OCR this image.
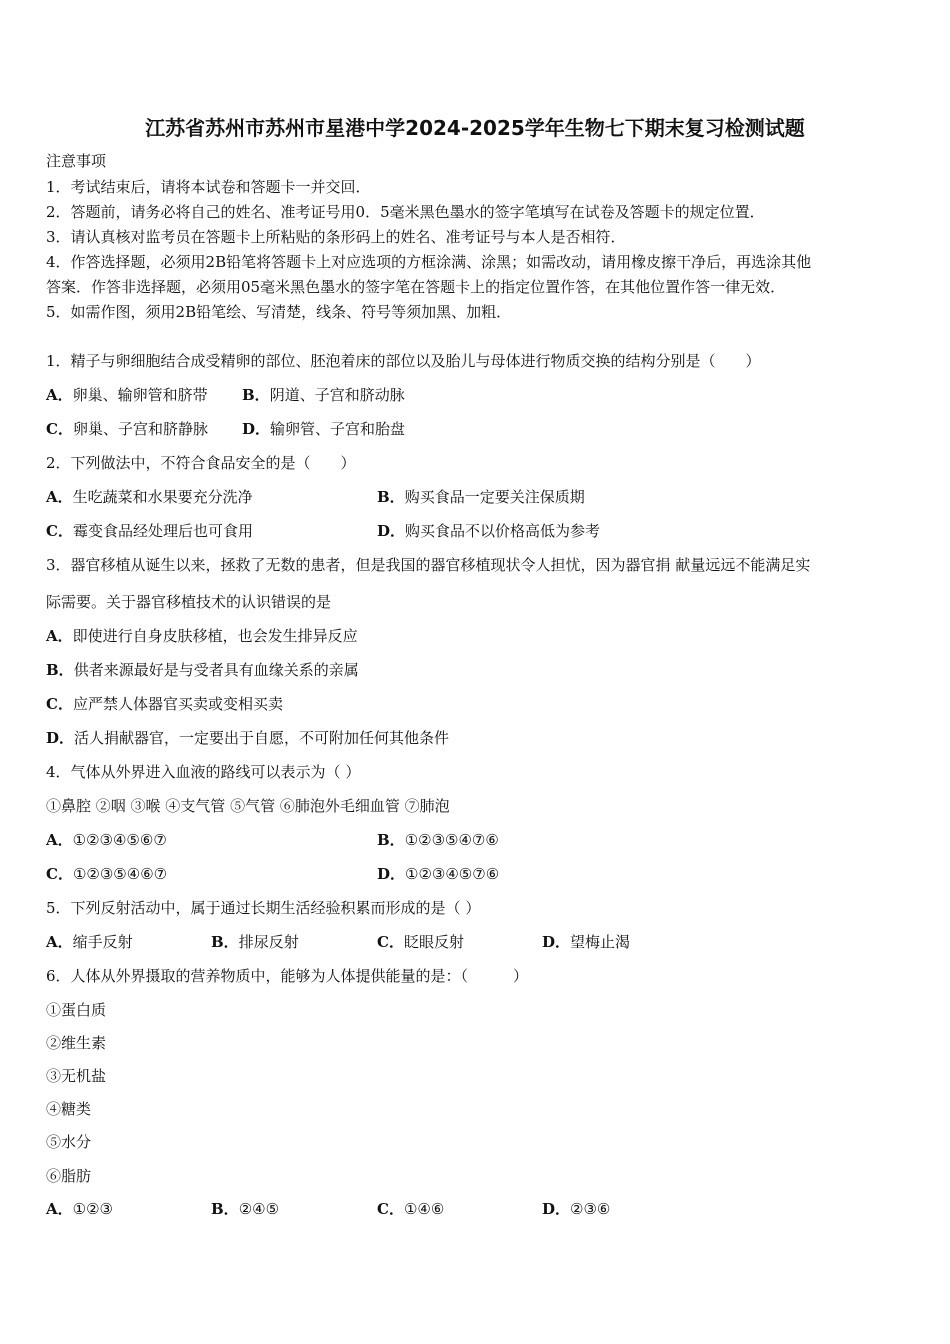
江苏省苏州市苏州市星港中学2024-2025学年生物七下期末复习检测试题
注意事项
1．考试结束后，请将本试卷和答题卡一并交回．
2．答题前，请务必将自己的姓名、准考证号用0．5毫米黑色墨水的签字笔填写在试卷及答题卡的规定位置．
3．请认真核对监考员在答题卡上所粘贴的条形码上的姓名、准考证号与本人是否相符．
4．作答选择题，必须用2B铅笔将答题卡上对应选项的方框涂满、涂黑；如需改动，请用橡皮擦干净后，再选涂其他
答案．作答非选择题，必须用05毫米黑色墨水的签字笔在答题卡上的指定位置作答，在其他位置作答一律无效．
5．如需作图，须用2B铅笔绘、写清楚，线条、符号等须加黑、加粗．
1．精子与卵细胞结合成受精卵的部位、胚泡着床的部位以及胎儿与母体进行物质交换的结构分别是（　　）
A．卵巢、输卵管和脐带 B．阴道、子宫和脐动脉
C．卵巢、子宫和脐静脉 D．输卵管、子宫和胎盘
2．下列做法中，不符合食品安全的是（　　）
A．生吃蔬菜和水果要充分洗净	B．购买食品一定要关注保质期
C．霉变食品经处理后也可食用	D．购买食品不以价格高低为参考
3．器官移植从诞生以来，拯救了无数的患者，但是我国的器官移植现状令人担忧，因为器官捐 献量远远不能满足实
际需要。关于器官移植技术的认识错误的是
A．即使进行自身皮肤移植，也会发生排异反应
B．供者来源最好是与受者具有血缘关系的亲属
C．应严禁人体器官买卖或变相买卖
D．活人捐献器官，一定要出于自愿，不可附加任何其他条件
4．气体从外界进入血液的路线可以表示为（ ）
①鼻腔 ②咽 ③喉 ④支气管 ⑤气管 ⑥肺泡外毛细血管 ⑦肺泡
A．①②③④⑤⑥⑦	B．①②③⑤④⑦⑥
C．①②③⑤④⑥⑦	D．①②③④⑤⑦⑥
5．下列反射活动中，属于通过长期生活经验积累而形成的是（ ）
A．缩手反射	B．排尿反射	C．眨眼反射	D．望梅止渴
6．人体从外界摄取的营养物质中，能够为人体提供能量的是：（　　　）
①蛋白质
②维生素
③无机盐
④糖类
⑤水分
⑥脂肪
A．①②③	B．②④⑤	C．①④⑥	D．②③⑥
